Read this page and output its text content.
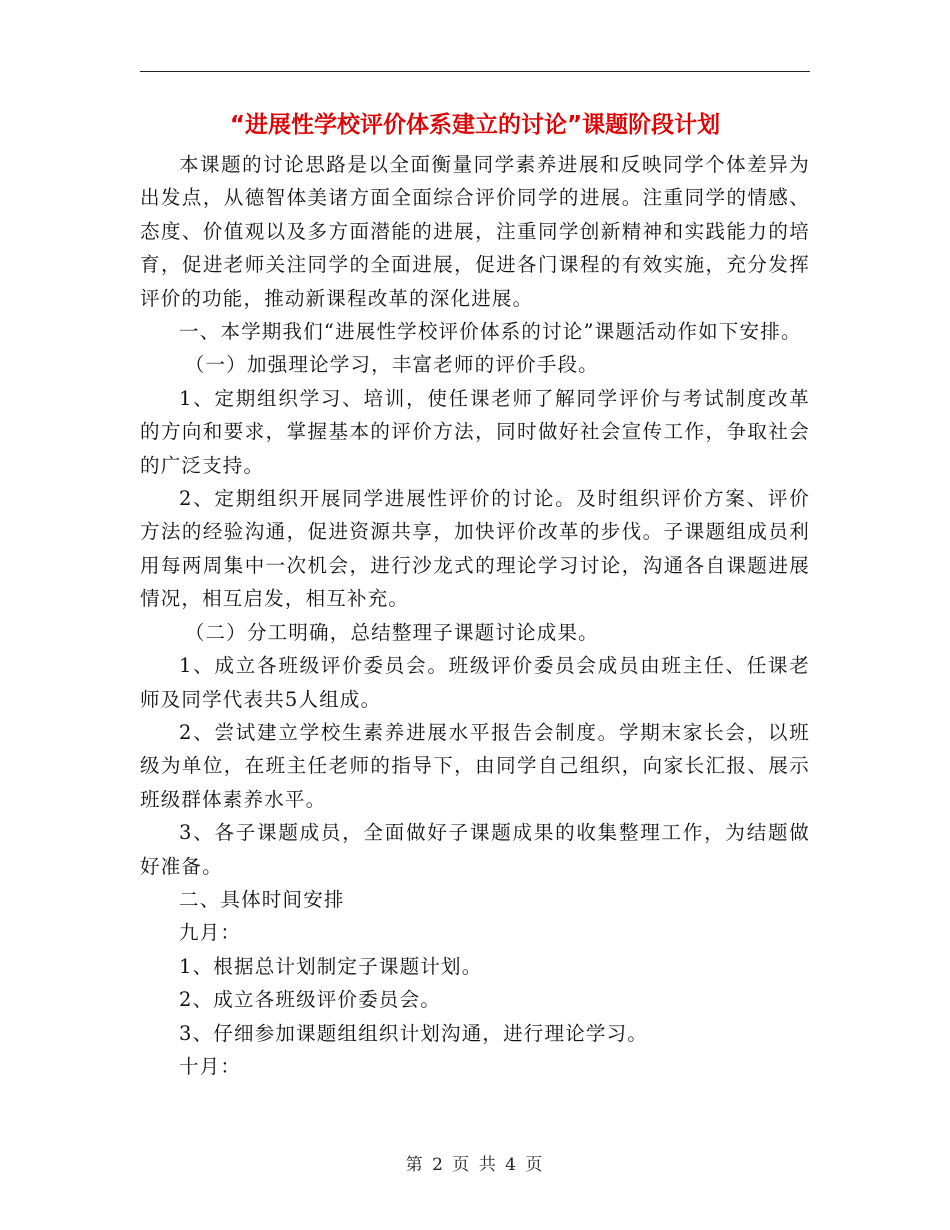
“进展性学校评价体系建立的讨论”课题阶段计划

本课题的讨论思路是以全面衡量同学素养进展和反映同学个体差异为出发点，从德智体美诸方面全面综合评价同学的进展。注重同学的情感、态度、价值观以及多方面潜能的进展，注重同学创新精神和实践能力的培育，促进老师关注同学的全面进展，促进各门课程的有效实施，充分发挥评价的功能，推动新课程改革的深化进展。

一、本学期我们“进展性学校评价体系的讨论”课题活动作如下安排。

（一）加强理论学习，丰富老师的评价手段。

1、定期组织学习、培训，使任课老师了解同学评价与考试制度改革的方向和要求，掌握基本的评价方法，同时做好社会宣传工作，争取社会的广泛支持。

2、定期组织开展同学进展性评价的讨论。及时组织评价方案、评价方法的经验沟通，促进资源共享，加快评价改革的步伐。子课题组成员利用每两周集中一次机会，进行沙龙式的理论学习讨论，沟通各自课题进展情况，相互启发，相互补充。

（二）分工明确，总结整理子课题讨论成果。

1、成立各班级评价委员会。班级评价委员会成员由班主任、任课老师及同学代表共5人组成。

2、尝试建立学校生素养进展水平报告会制度。学期末家长会，以班级为单位，在班主任老师的指导下，由同学自己组织，向家长汇报、展示班级群体素养水平。

3、各子课题成员，全面做好子课题成果的收集整理工作，为结题做好准备。

二、具体时间安排

九月：

1、根据总计划制定子课题计划。

2、成立各班级评价委员会。

3、仔细参加课题组组织计划沟通，进行理论学习。

十月：

第 2 页 共 4 页
